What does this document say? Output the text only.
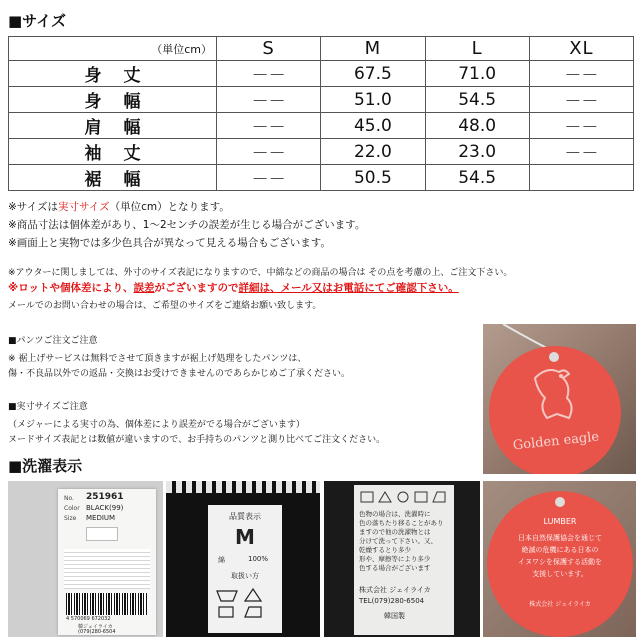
■サイズ
（単位cm）	S	M	L	XL
身丈	－－	67.5	71.0	－－
身幅	－－	51.0	54.5	－－
肩幅	－－	45.0	48.0	－－
袖丈	－－	22.0	23.0	－－
裾幅	－－	50.5	54.5	
※サイズは実寸サイズ（単位cm）となります。
※商品寸法は個体差があり、1～2センチの誤差が生じる場合がございます。
※画面上と実物では多少色具合が異なって見える場合もございます。
※アウターに関しましては、外寸のサイズ表記になりますので、中綿などの商品の場合は その点を考慮の上、ご注文下さい。
※ロットや個体差により、誤差がございますので詳細は、メール又はお電話にてご確認下さい。
メールでのお問い合わせの場合は、ご希望のサイズをご連絡お願い致します。
■パンツご注文ご注意
※ 裾上げサービスは無料でさせて頂きますが裾上げ処理をしたパンツは、
傷・不良品以外での返品・交換はお受けできませんのであらかじめご了承ください。
■実寸サイズご注意
（メジャーによる実寸の為、個体差により誤差がでる場合がございます）
ヌードサイズ表記とは数値が違いますので、お手持ちのパンツと測り比べてご注文ください。
■洗濯表示
Golden eagle
No. 251961
Color BLACK(99)
Size MEDIUM
4 570069 672032
韓ジェイライカ
(079)280-6504
品質表示
M
綿	100%
取扱い方
色物の場合は、洗濯時に
色の落ちたり移ることがあり
ますので他の洗濯物とは
分けて洗って下さい。又、
乾燥するとり多少
形や、摩擦等により多少
色する場合がございます
株式会社 ジェイライカ
TEL(079)280-6504
韓国製
LUMBER
日本自然保護協会を通じて
絶滅の危機にある日本の
イヌワシを保護する活動を
支援しています。
株式会社 ジェイライカ
